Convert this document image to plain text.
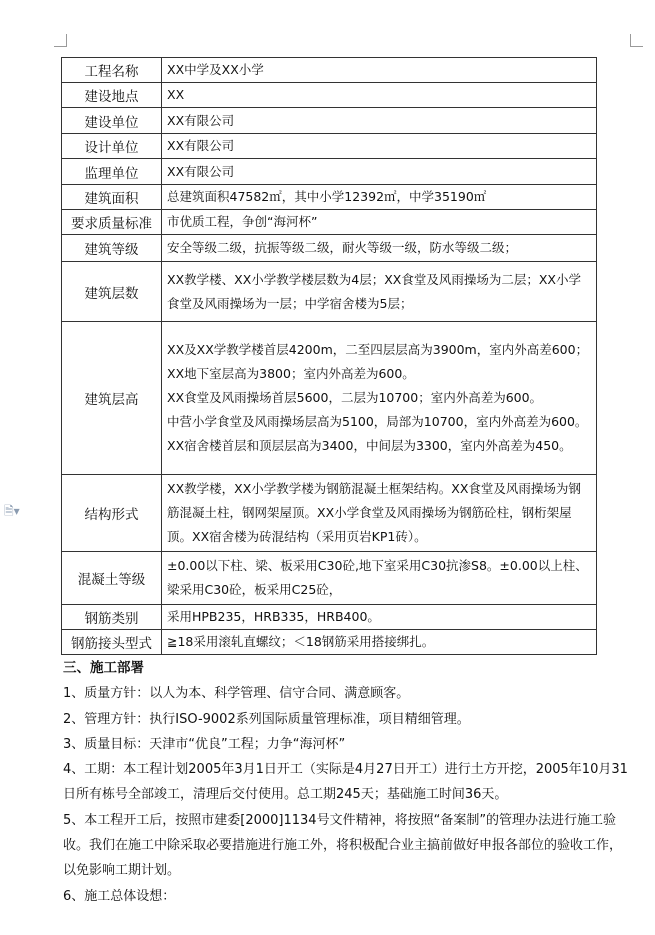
🗎▾
工程名称	XX中学及XX小学
建设地点	XX
建设单位	XX有限公司
设计单位	XX有限公司
监理单位	XX有限公司
建筑面积	总建筑面积47582㎡，其中小学12392㎡，中学35190㎡
要求质量标准	市优质工程，争创“海河杯”
建筑等级	安全等级二级，抗振等级二级，耐火等级一级，防水等级二级；
建筑层数	XX教学楼、XX小学教学楼层数为4层；XX食堂及风雨操场为二层；XX小学食堂及风雨操场为一层；中学宿舍楼为5层；
建筑层高	XX及XX学教学楼首层4200m，二至四层层高为3900m，室内外高差600；XX地下室层高为3800；室内外高差为600。
XX食堂及风雨操场首层5600，二层为10700；室内外高差为600。
中营小学食堂及风雨操场层高为5100，局部为10700，室内外高差为600。XX宿舍楼首层和顶层层高为3400，中间层为3300，室内外高差为450。

结构形式	XX教学楼，XX小学教学楼为钢筋混凝土框架结构。XX食堂及风雨操场为钢筋混凝土柱，钢网架屋顶。XX小学食堂及风雨操场为钢筋砼柱，钢桁架屋顶。XX宿舍楼为砖混结构（采用页岩KP1砖）。
混凝土等级	±0.00以下柱、梁、板采用C30砼,地下室采用C30抗渗S8。±0.00以上柱、梁采用C30砼，板采用C25砼，
钢筋类别	采用HPB235，HRB335，HRB400。
钢筋接头型式	≧18采用滚轧直螺纹；＜18钢筋采用搭接绑扎。
三、施工部署

1、质量方针：以人为本、科学管理、信守合同、满意顾客。

2、管理方针：执行ISO-9002系列国际质量管理标准，项目精细管理。

3、质量目标：天津市“优良”工程；力争“海河杯”

4、工期：本工程计划2005年3月1日开工（实际是4月27日开工）进行土方开挖，2005年10月31日所有栋号全部竣工，清理后交付使用。总工期245天；基础施工时间36天。

5、本工程开工后，按照市建委[2000]1134号文件精神，将按照“备案制”的管理办法进行施工验收。我们在施工中除采取必要措施进行施工外，将积极配合业主搞前做好申报各部位的验收工作，以免影响工期计划。

6、施工总体设想：
